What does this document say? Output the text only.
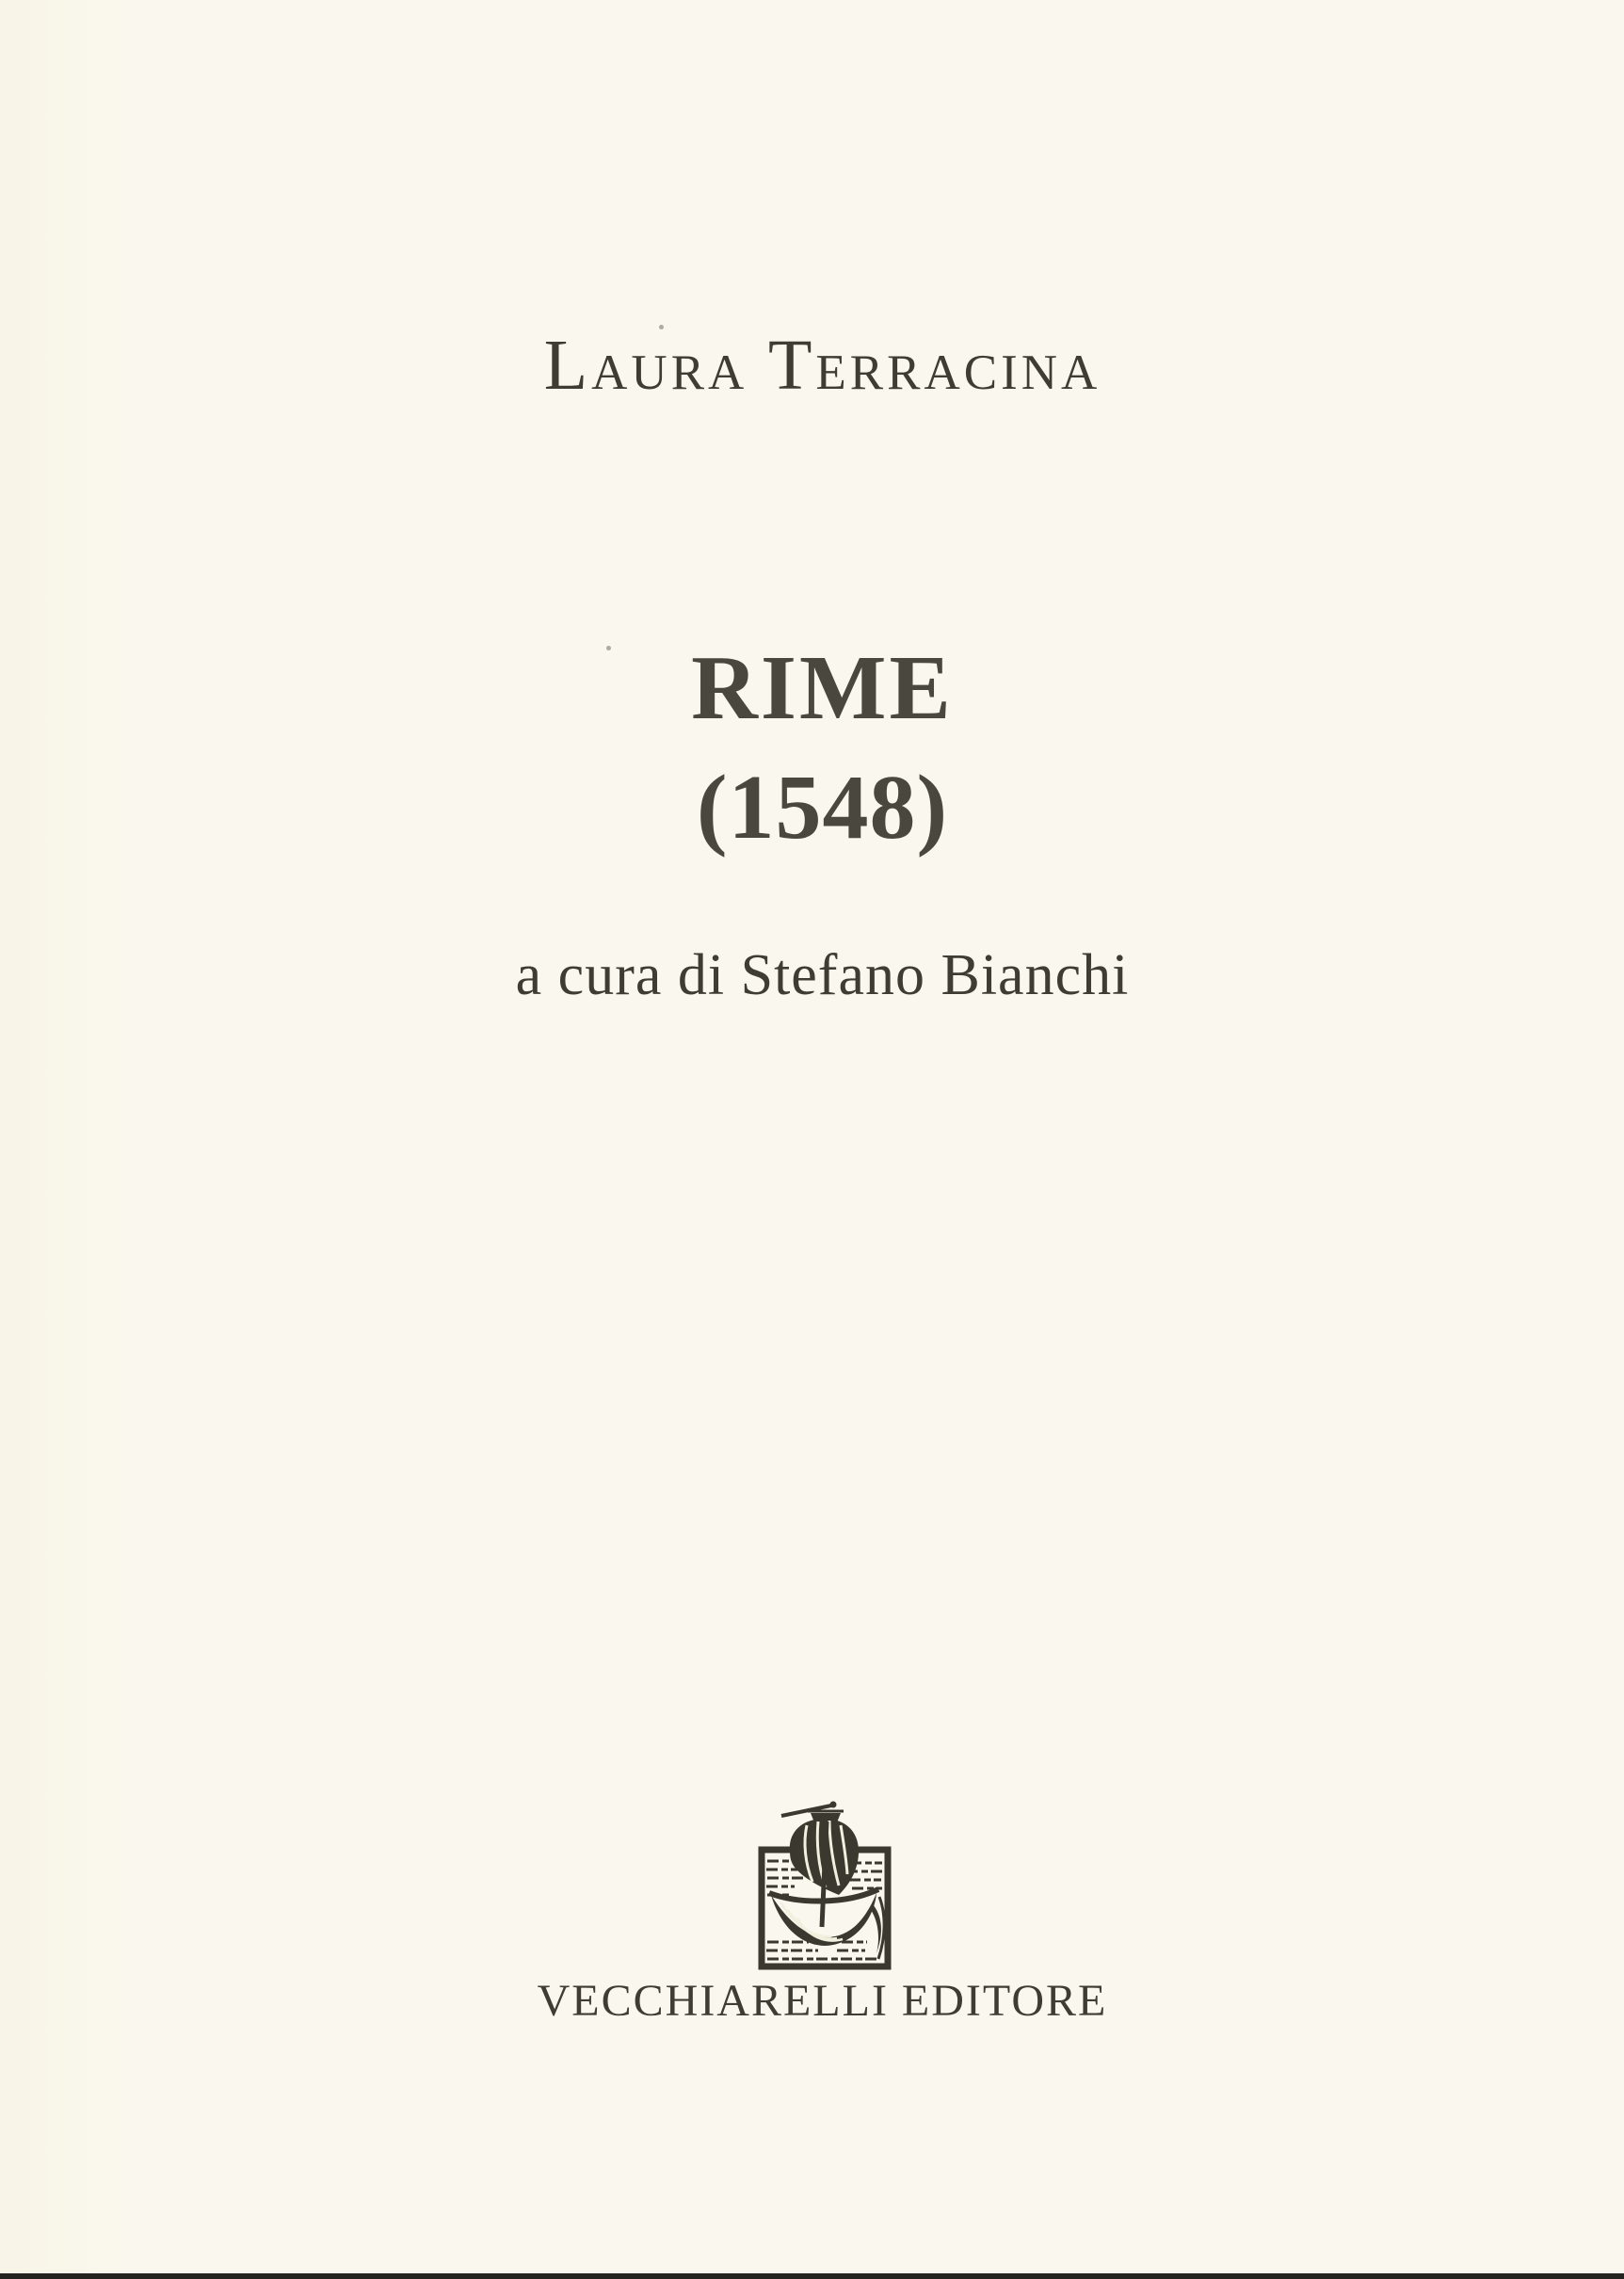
Laura Terracina
RIME
(1548)
a cura di Stefano Bianchi
VECCHIARELLI EDITORE
